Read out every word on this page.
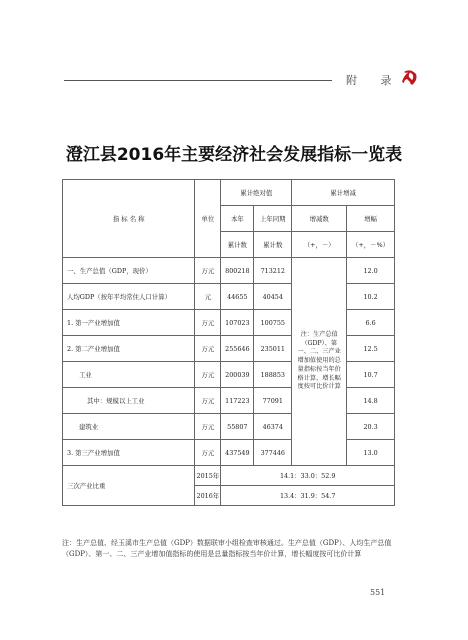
附 录
澄江县2016年主要经济社会发展指标一览表
指 标 名 称	单位	累计绝对值		累计增减	
		本年	上年同期	增减数	增幅
		累计数	累计数	（+，－）	（+，－%）
一、生产总值（GDP，现价）	万元	800218	713212	注：生产总值（GDP）、第一、二、三产业增加值使用的总量指标按当年价格计算，增长幅度按可比价计算	12.0
人均GDP（按年平均常住人口计算）	元	44655	40454		10.2
1. 第一产业增加值	万元	107023	100755		6.6
2. 第二产业增加值	万元	255646	235011		12.5
工业	万元	200039	188853		10.7
其中：规模以上工业	万元	117223	77091		14.8
建筑业	万元	55807	46374		20.3
3. 第三产业增加值	万元	437549	377446		13.0
三次产业比重	2015年	14.1：33.0：52.9			
	2016年	13.4：31.9：54.7			
注：生产总值、经玉溪市生产总值（GDP）数据联审小组检查审核通过。生产总值（GDP）、人均生产总值（GDP）、第一、二、三产业增加值指标的使用是总量指标按当年价计算，增长幅度按可比价计算
551
